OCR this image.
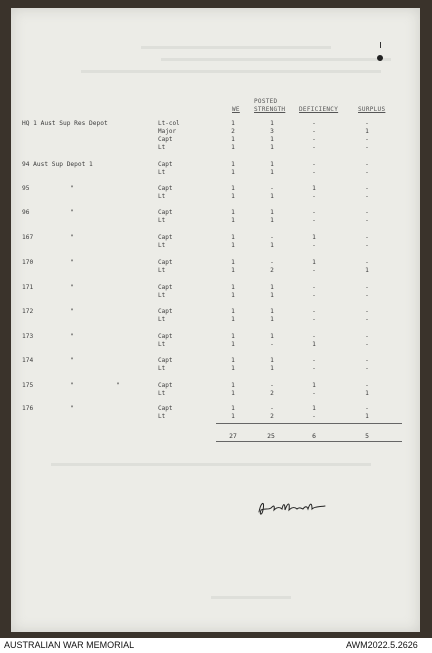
POSTED
WE STRENGTH DEFICIENCY	SURPLUS
HQ 1 Aust Sup Res Depot	Lt-col	1	1	-	-
Major	2	3	-	1
Capt	1	1	-	-
Lt	1	1	-	-
94 Aust Sup Depot 1	Capt	1	1	-	-
Lt	1	1	-	-
95	"	Capt	1	-	1	-
Lt	1	1	-	-
96	"	Capt	1	1	-	-
Lt	1	1	-	-
167	"	Capt	1	-	1	-
Lt	1	1	-	-
170	"	Capt	1	-	1	-
Lt	1	2	-	1
171	"	Capt	1	1	-	-
Lt	1	1	-	-
172	"	Capt	1	1	-	-
Lt	1	1	-	-
173	"	Capt	1	1	-	-
Lt	1	-	1	-
174	"	Capt	1	1	-	-
Lt	1	1	-	-
175	"	"	Capt	1	-	1	-
Lt	1	2	-	1
176	"	Capt	1	-	1	-
Lt	1	2	-	1
27	25	6	5
AUSTRALIAN WAR MEMORIAL	AWM2022.5.2626
